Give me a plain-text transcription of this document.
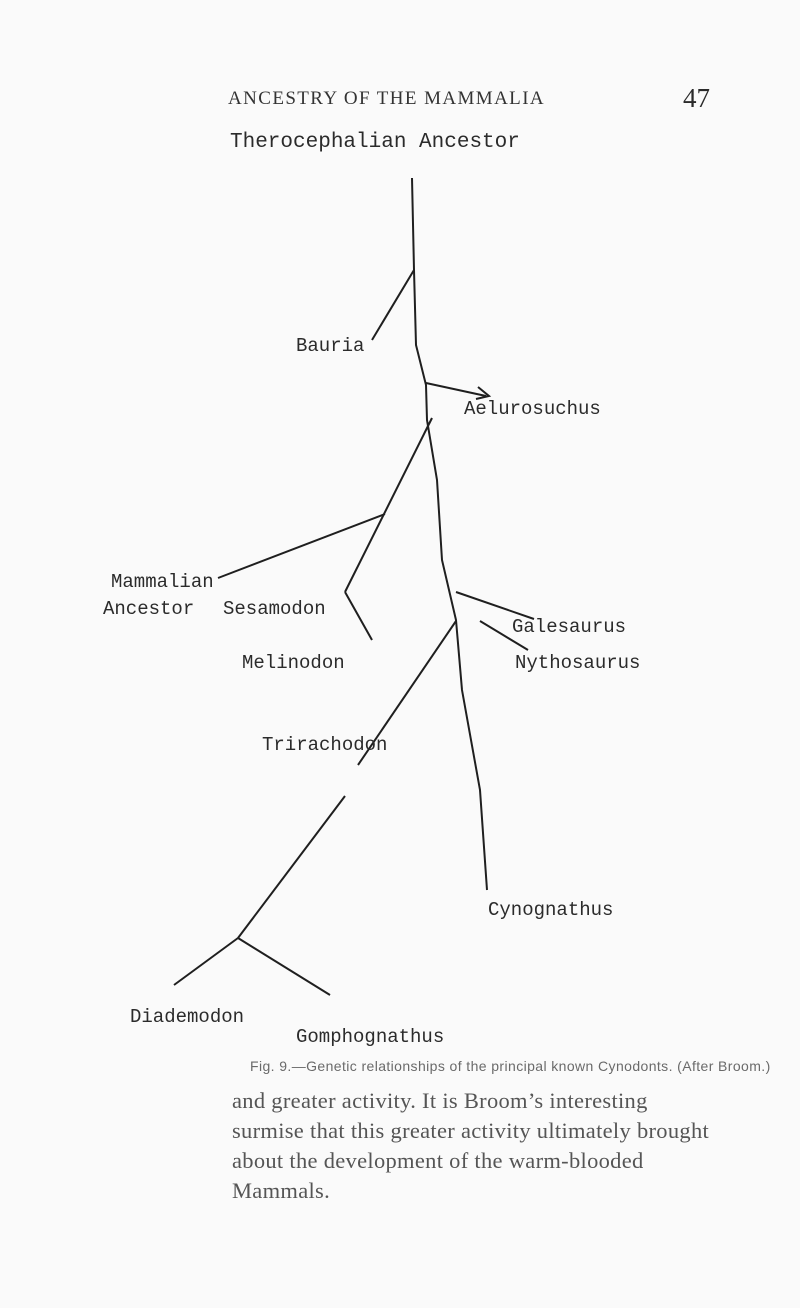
ANCESTRY OF THE MAMMALIA	47
Therocephalian Ancestor
Bauria
Aelurosuchus
Mammalian
Ancestor Sesamodon
Galesaurus
Melinodon	Nythosaurus
Trirachodon
Cynognathus
Diademodon
Gomphognathus
Fig. 9.—Genetic relationships of the principal known Cynodonts. (After Broom.)

and greater activity. It is Broom’s interesting surmise that this greater activity ultimately brought about the development of the warm-blooded Mammals.
